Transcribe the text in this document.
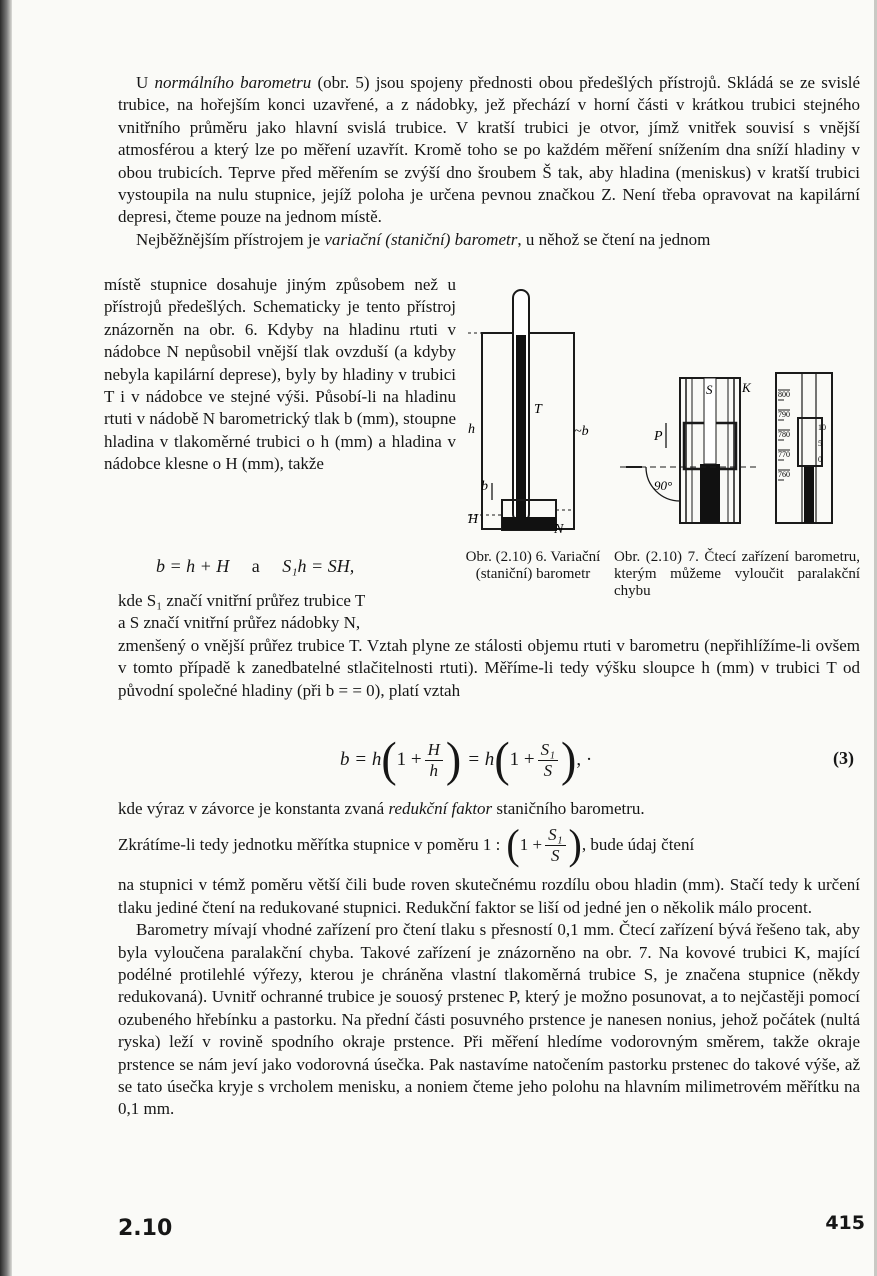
U normálního barometru (obr. 5) jsou spojeny přednosti obou předešlých přístrojů. Skládá se ze svislé trubice, na hořejším konci uzavřené, a z nádobky, jež přechází v horní části v krátkou trubici stejného vnitřního průměru jako hlavní svislá trubice. V kratší trubici je otvor, jímž vnitřek souvisí s vnější atmosférou a který lze po měření uzavřít. Kromě toho se po každém měření snížením dna sníží hladiny v obou trubicích. Teprve před měřením se zvýší dno šroubem Š tak, aby hladina (meniskus) v kratší trubici vystoupila na nulu stupnice, jejíž poloha je určena pevnou značkou Z. Není třeba opravovat na kapilární depresi, čteme pouze na jednom místě.

Nejběžnějším přístrojem je variační (staniční) barometr, u něhož se čtení na jednom

místě stupnice dosahuje jiným způsobem než u přístrojů předešlých. Schematicky je tento přístroj znázorněn na obr. 6. Kdyby na hladinu rtuti v nádobce N nepůsobil vnější tlak ovzduší (a kdyby nebyla kapilární deprese), byly by hladiny v trubici T i v nádobce ve stejné výši. Působí-li na hladinu rtuti v nádobě N barometrický tlak b (mm), stoupne hladina v tlakoměrné trubici o h (mm) a hladina v nádobce klesne o H (mm), takže

b = h + H a S₁h = SH,
T
h	~b
b
H
N
Obr. (2.10) 6. Variační (staniční) barometr
90°
P
S K	800
790
780
770
760
10
5
0
Obr. (2.10) 7. Čtecí zařízení barometru, kterým můžeme vyloučit paralakční chybu

kde S₁ značí vnitřní průřez trubice T

a S značí vnitřní průřez nádobky N,

zmenšený o vnější průřez trubice T. Vztah plyne ze stálosti objemu rtuti v barometru (nepřihlížíme-li ovšem v tomto případě k zanedbatelné stlačitelnosti rtuti). Měříme-li tedy výšku sloupce h (mm) v trubici T od původní společné hladiny (při b = = 0), platí vztah

b = h ( $1 + \frac{H}{h}$ ) = h ( $1 + \frac{\text{S₁}}{S}$ ) , ·	(3)

kde výraz v závorce je konstanta zvaná redukční faktor staničního barometru.

Zkrátíme-li tedy jednotku měřítka stupnice v poměru 1 : ( $1 + \frac{\text{S₁}}{S}$ ) , bude údaj čtení

na stupnici v témž poměru větší čili bude roven skutečnému rozdílu obou hladin (mm). Stačí tedy k určení tlaku jediné čtení na redukované stupnici. Redukční faktor se liší od jedné jen o několik málo procent.

Barometry mívají vhodné zařízení pro čtení tlaku s přesností 0,1 mm. Čtecí zařízení bývá řešeno tak, aby byla vyloučena paralakční chyba. Takové zařízení je znázorněno na obr. 7. Na kovové trubici K, mající podélné protilehlé výřezy, kterou je chráněna vlastní tlakoměrná trubice S, je značena stupnice (někdy redukovaná). Uvnitř ochranné trubice je souosý prstenec P, který je možno posunovat, a to nejčastěji pomocí ozubeného hřebínku a pastorku. Na přední části posuvného prstence je nanesen nonius, jehož počátek (nultá ryska) leží v rovině spodního okraje prstence. Při měření hledíme vodorovným směrem, takže okraje prstence se nám jeví jako vodorovná úsečka. Pak nastavíme natočením pastorku prstenec do takové výše, až se tato úsečka kryje s vrcholem menisku, a noniem čteme jeho polohu na hlavním milimetrovém měřítku na 0,1 mm.

2.10	415
